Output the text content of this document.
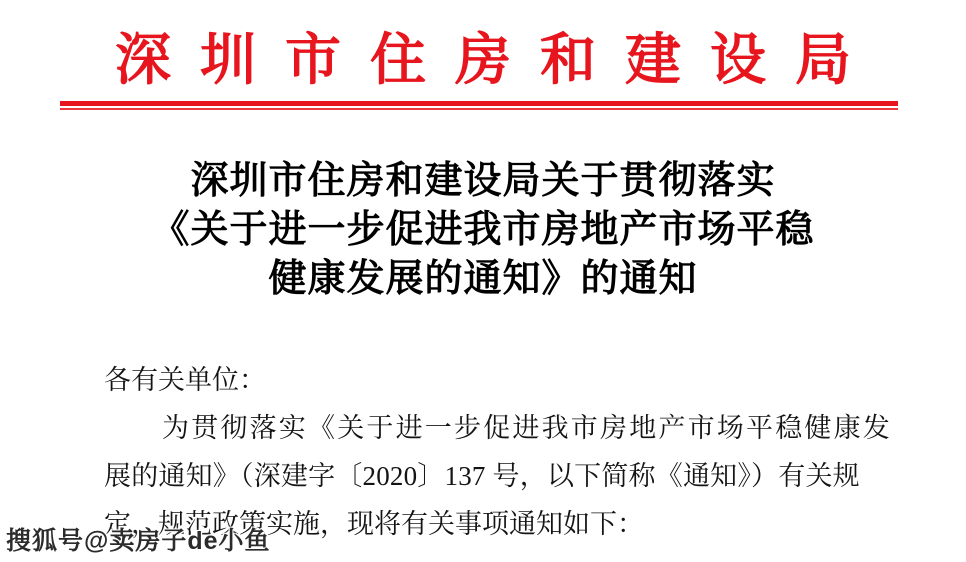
深圳市住房和建设局
深圳市住房和建设局关于贯彻落实
《关于进一步促进我市房地产市场平稳
健康发展的通知》的通知
各有关单位：
为贯彻落实《关于进一步促进我市房地产市场平稳健康发
展的通知》（深建字〔2020〕137 号，以下简称《通知》）有关规
定，规范政策实施，现将有关事项通知如下：
搜狐号@卖房子de小鱼
